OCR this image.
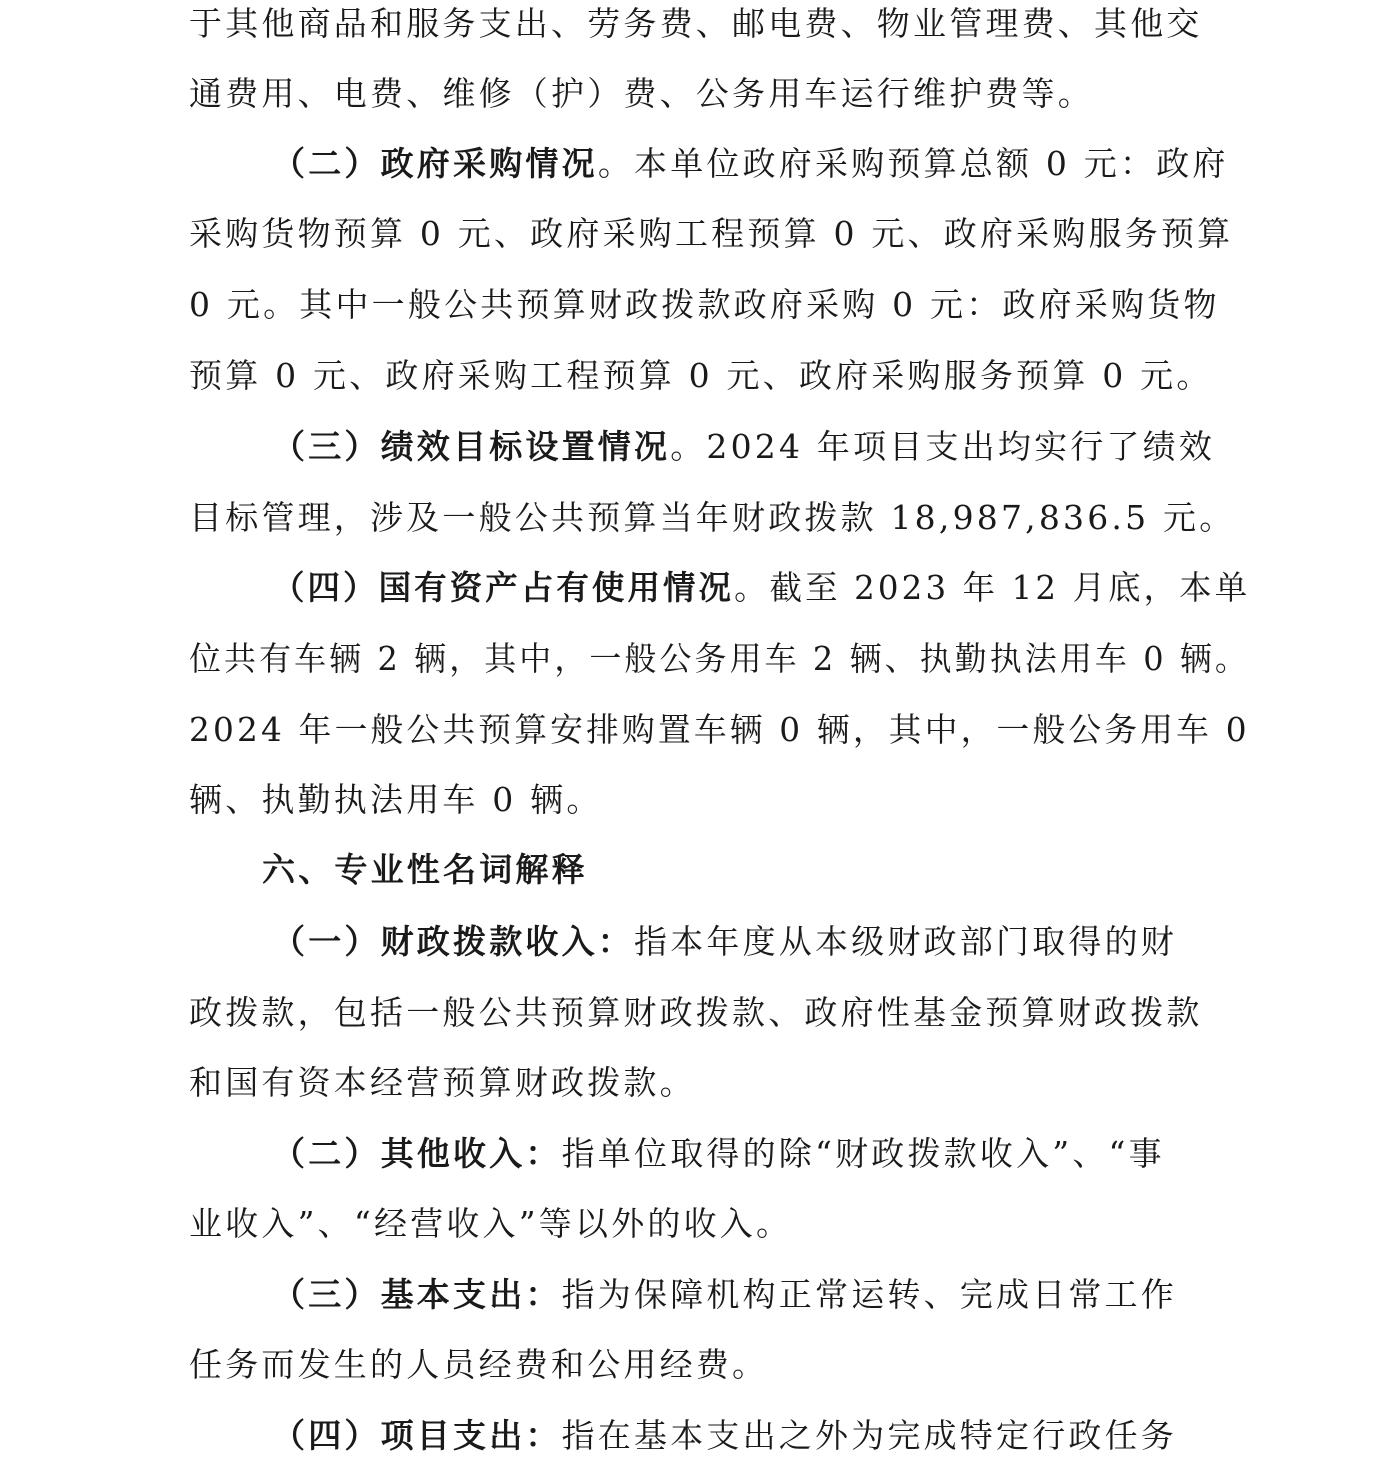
于其他商品和服务支出、劳务费、邮电费、物业管理费、其他交
通费用、电费、维修（护）费、公务用车运行维护费等。
（二）政府采购情况。本单位政府采购预算总额 0 元：政府
采购货物预算 0 元、政府采购工程预算 0 元、政府采购服务预算
0 元。其中一般公共预算财政拨款政府采购 0 元：政府采购货物
预算 0 元、政府采购工程预算 0 元、政府采购服务预算 0 元。
（三）绩效目标设置情况。2024 年项目支出均实行了绩效
目标管理，涉及一般公共预算当年财政拨款 18,987,836.5 元。
（四）国有资产占有使用情况。截至 2023 年 12 月底，本单
位共有车辆 2 辆，其中，一般公务用车 2 辆、执勤执法用车 0 辆。
2024 年一般公共预算安排购置车辆 0 辆，其中，一般公务用车 0
辆、执勤执法用车 0 辆。
六、专业性名词解释
（一）财政拨款收入：指本年度从本级财政部门取得的财
政拨款，包括一般公共预算财政拨款、政府性基金预算财政拨款
和国有资本经营预算财政拨款。
（二）其他收入：指单位取得的除“财政拨款收入”、“事
业收入”、“经营收入”等以外的收入。
（三）基本支出：指为保障机构正常运转、完成日常工作
任务而发生的人员经费和公用经费。
（四）项目支出：指在基本支出之外为完成特定行政任务
